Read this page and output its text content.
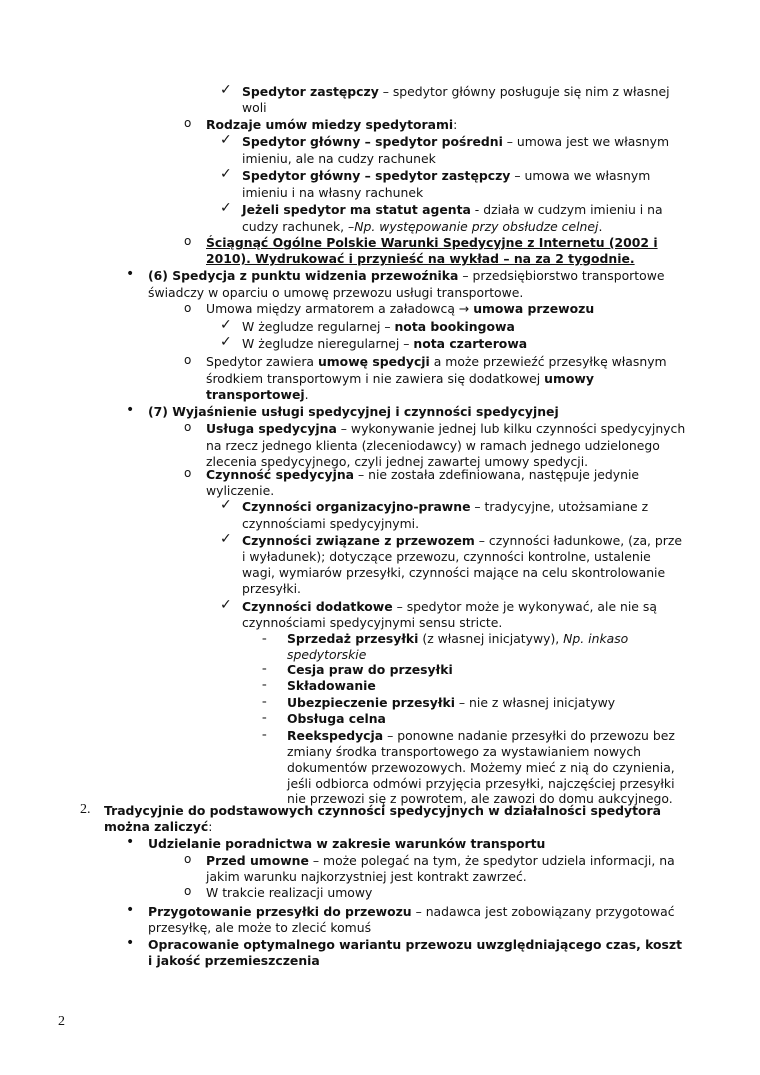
✓
o
✓
✓
✓
o
•
o
✓
✓
o
•
o
o
✓
✓
✓
-
-
-
-
-
-
2.
•
o
o
•
•
Spedytor zastępczy – spedytor główny posługuje się nim z własnej
woli
Rodzaje umów miedzy spedytorami:
Spedytor główny – spedytor pośredni – umowa jest we własnym
imieniu, ale na cudzy rachunek
Spedytor główny – spedytor zastępczy – umowa we własnym
imieniu i na własny rachunek
Jeżeli spedytor ma statut agenta - działa w cudzym imieniu i na
cudzy rachunek, –Np. występowanie przy obsłudze celnej.
Ściągnąć Ogólne Polskie Warunki Spedycyjne z Internetu (2002 i
2010). Wydrukować i przynieść na wykład – na za 2 tygodnie.
(6) Spedycja z punktu widzenia przewoźnika – przedsiębiorstwo transportowe
świadczy w oparciu o umowę przewozu usługi transportowe.
Umowa między armatorem a załadowcą → umowa przewozu
W żegludze regularnej – nota bookingowa
W żegludze nieregularnej – nota czarterowa
Spedytor zawiera umowę spedycji a może przewieźć przesyłkę własnym
środkiem transportowym i nie zawiera się dodatkowej umowy
transportowej.
(7) Wyjaśnienie usługi spedycyjnej i czynności spedycyjnej
Usługa spedycyjna – wykonywanie jednej lub kilku czynności spedycyjnych
na rzecz jednego klienta (zleceniodawcy) w ramach jednego udzielonego
zlecenia spedycyjnego, czyli jednej zawartej umowy spedycji.
Czynność spedycyjna – nie została zdefiniowana, następuje jedynie
wyliczenie.
Czynności organizacyjno-prawne – tradycyjne, utożsamiane z
czynnościami spedycyjnymi.
Czynności związane z przewozem – czynności ładunkowe, (za, prze
i wyładunek); dotyczące przewozu, czynności kontrolne, ustalenie
wagi, wymiarów przesyłki, czynności mające na celu skontrolowanie
przesyłki.
Czynności dodatkowe – spedytor może je wykonywać, ale nie są
czynnościami spedycyjnymi sensu stricte.
Sprzedaż przesyłki (z własnej inicjatywy), Np. inkaso
spedytorskie
Cesja praw do przesyłki
Składowanie
Ubezpieczenie przesyłki – nie z własnej inicjatywy
Obsługa celna
Reekspedycja – ponowne nadanie przesyłki do przewozu bez
zmiany środka transportowego za wystawianiem nowych
dokumentów przewozowych. Możemy mieć z nią do czynienia,
jeśli odbiorca odmówi przyjęcia przesyłki, najczęściej przesyłki
nie przewozi się z powrotem, ale zawozi do domu aukcyjnego.
Tradycyjnie do podstawowych czynności spedycyjnych w działalności spedytora
można zaliczyć:
Udzielanie poradnictwa w zakresie warunków transportu
Przed umowne – może polegać na tym, że spedytor udziela informacji, na
jakim warunku najkorzystniej jest kontrakt zawrzeć.
W trakcie realizacji umowy
Przygotowanie przesyłki do przewozu – nadawca jest zobowiązany przygotować
przesyłkę, ale może to zlecić komuś
Opracowanie optymalnego wariantu przewozu uwzględniającego czas, koszt
i jakość przemieszczenia
2
